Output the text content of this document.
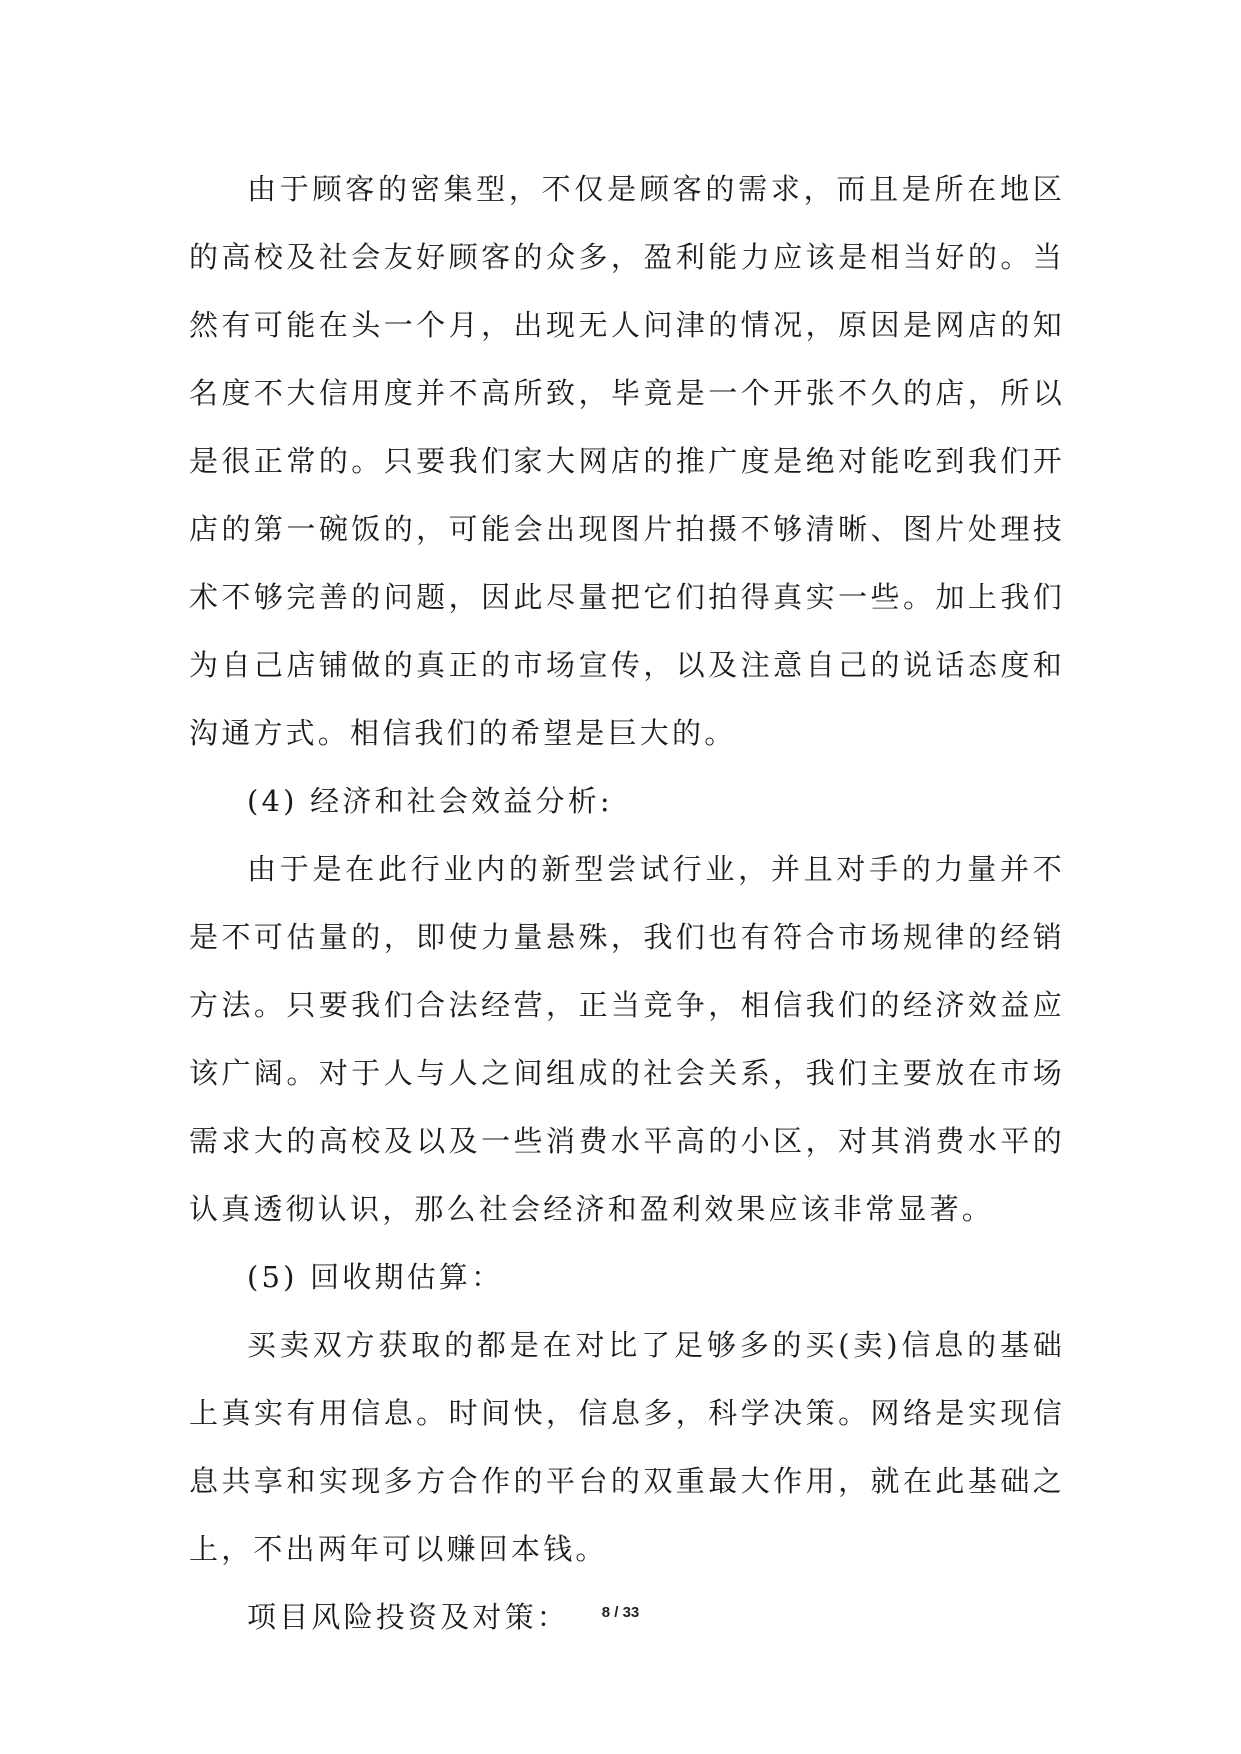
由于顾客的密集型，不仅是顾客的需求，而且是所在地区的高校及社会友好顾客的众多，盈利能力应该是相当好的。当然有可能在头一个月，出现无人问津的情况，原因是网店的知名度不大信用度并不高所致，毕竟是一个开张不久的店，所以是很正常的。只要我们家大网店的推广度是绝对能吃到我们开店的第一碗饭的，可能会出现图片拍摄不够清晰、图片处理技术不够完善的问题，因此尽量把它们拍得真实一些。加上我们为自己店铺做的真正的市场宣传，以及注意自己的说话态度和沟通方式。相信我们的希望是巨大的。

(4) 经济和社会效益分析:

由于是在此行业内的新型尝试行业，并且对手的力量并不是不可估量的，即使力量悬殊，我们也有符合市场规律的经销方法。只要我们合法经营，正当竞争，相信我们的经济效益应该广阔。对于人与人之间组成的社会关系，我们主要放在市场需求大的高校及以及一些消费水平高的小区，对其消费水平的认真透彻认识，那么社会经济和盈利效果应该非常显著。

(5) 回收期估算：

买卖双方获取的都是在对比了足够多的买(卖)信息的基础上真实有用信息。时间快，信息多，科学决策。网络是实现信息共享和实现多方合作的平台的双重最大作用，就在此基础之上，不出两年可以赚回本钱。

项目风险投资及对策：	8 / 33
